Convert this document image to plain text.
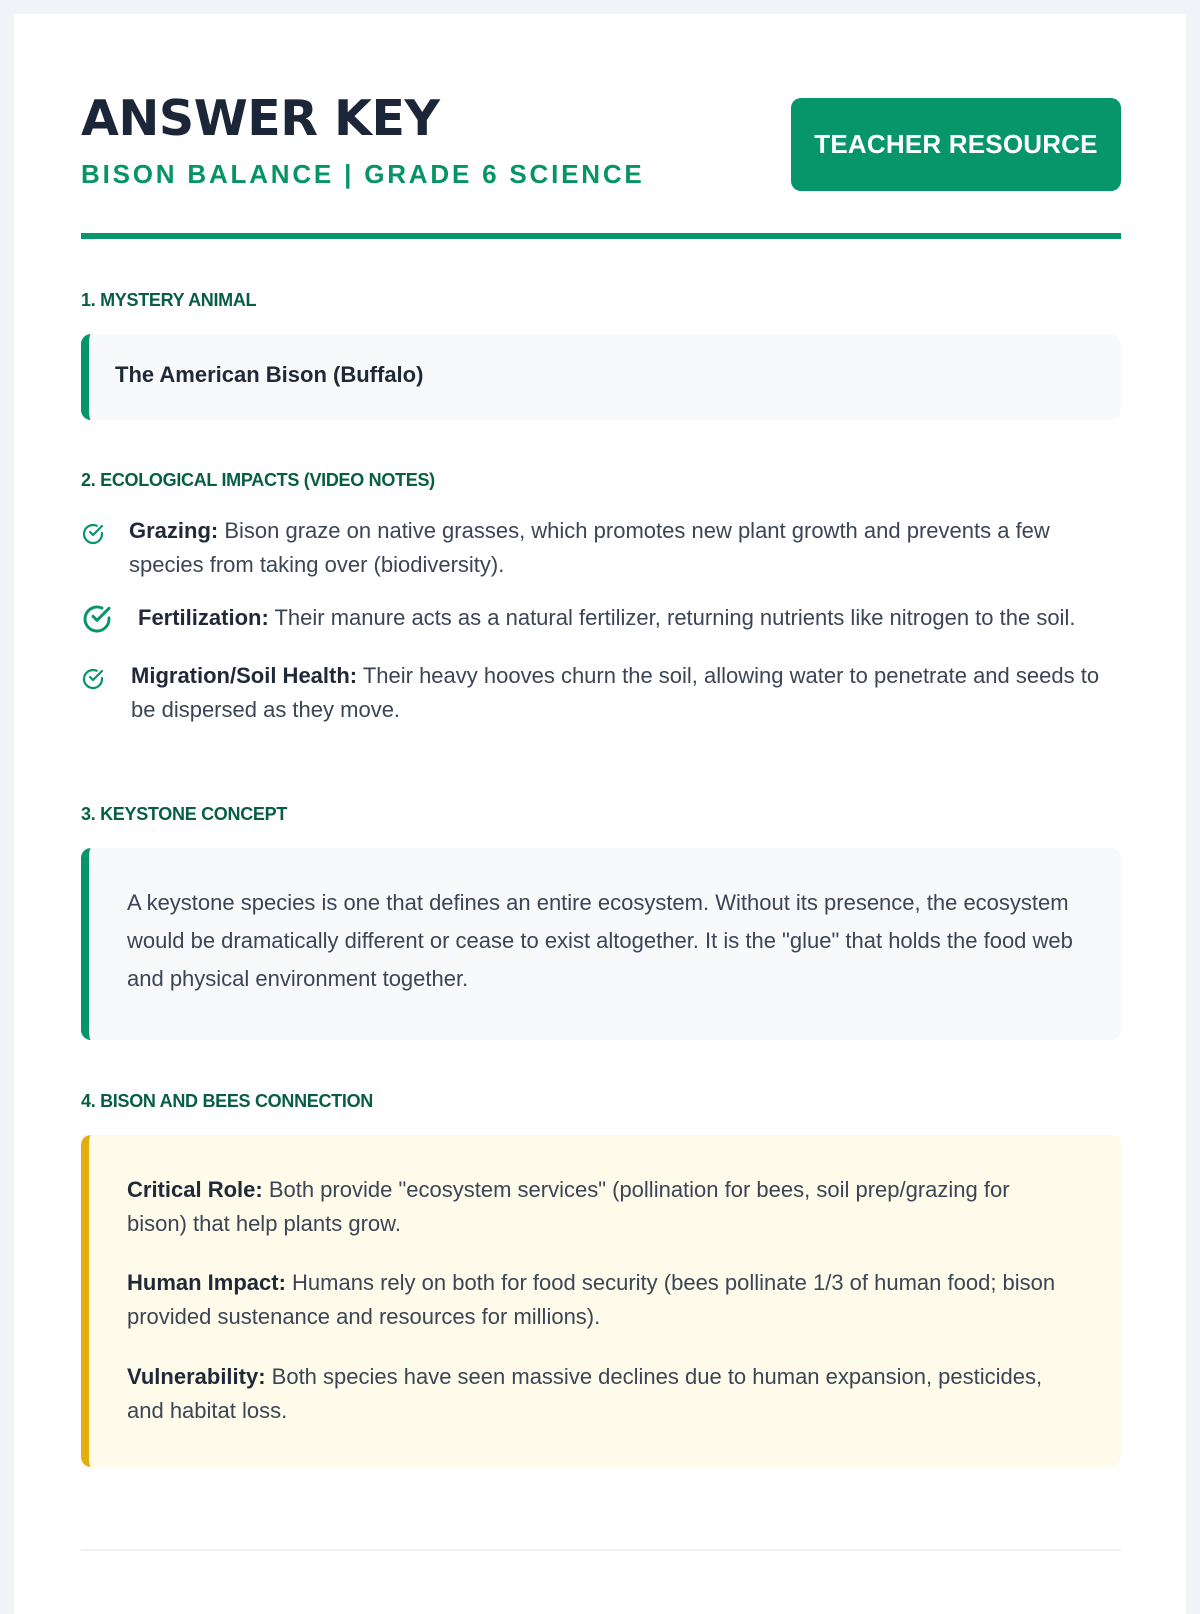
ANSWER KEY
BISON BALANCE | GRADE 6 SCIENCE
TEACHER RESOURCE
1. MYSTERY ANIMAL
The American Bison (Buffalo)
2. ECOLOGICAL IMPACTS (VIDEO NOTES)
Grazing: Bison graze on native grasses, which promotes new plant growth and prevents a few species from taking over (biodiversity).
Fertilization: Their manure acts as a natural fertilizer, returning nutrients like nitrogen to the soil.
Migration/Soil Health: Their heavy hooves churn the soil, allowing water to penetrate and seeds to be dispersed as they move.
3. KEYSTONE CONCEPT
A keystone species is one that defines an entire ecosystem. Without its presence, the ecosystem would be dramatically different or cease to exist altogether. It is the "glue" that holds the food web and physical environment together.
4. BISON AND BEES CONNECTION

Critical Role: Both provide "ecosystem services" (pollination for bees, soil prep/grazing for bison) that help plants grow.

Human Impact: Humans rely on both for food security (bees pollinate 1/3 of human food; bison provided sustenance and resources for millions).

Vulnerability: Both species have seen massive declines due to human expansion, pesticides, and habitat loss.
